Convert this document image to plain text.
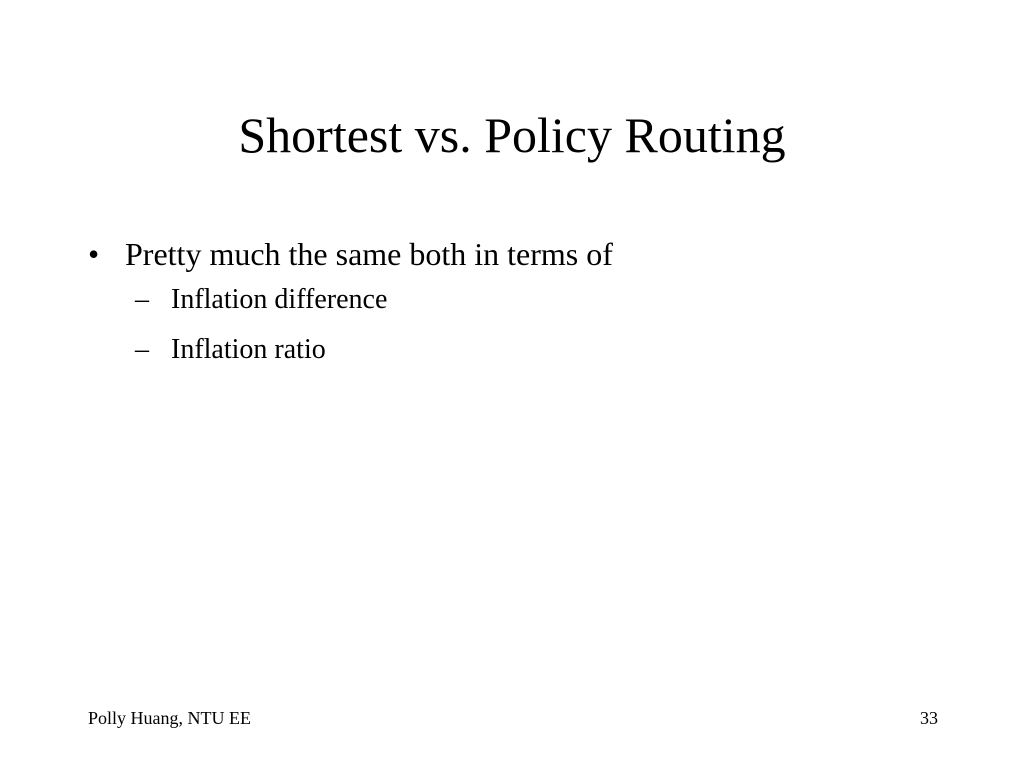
Shortest vs. Policy Routing
• Pretty much the same both in terms of
– Inflation difference
– Inflation ratio
Polly Huang, NTU EE	33
